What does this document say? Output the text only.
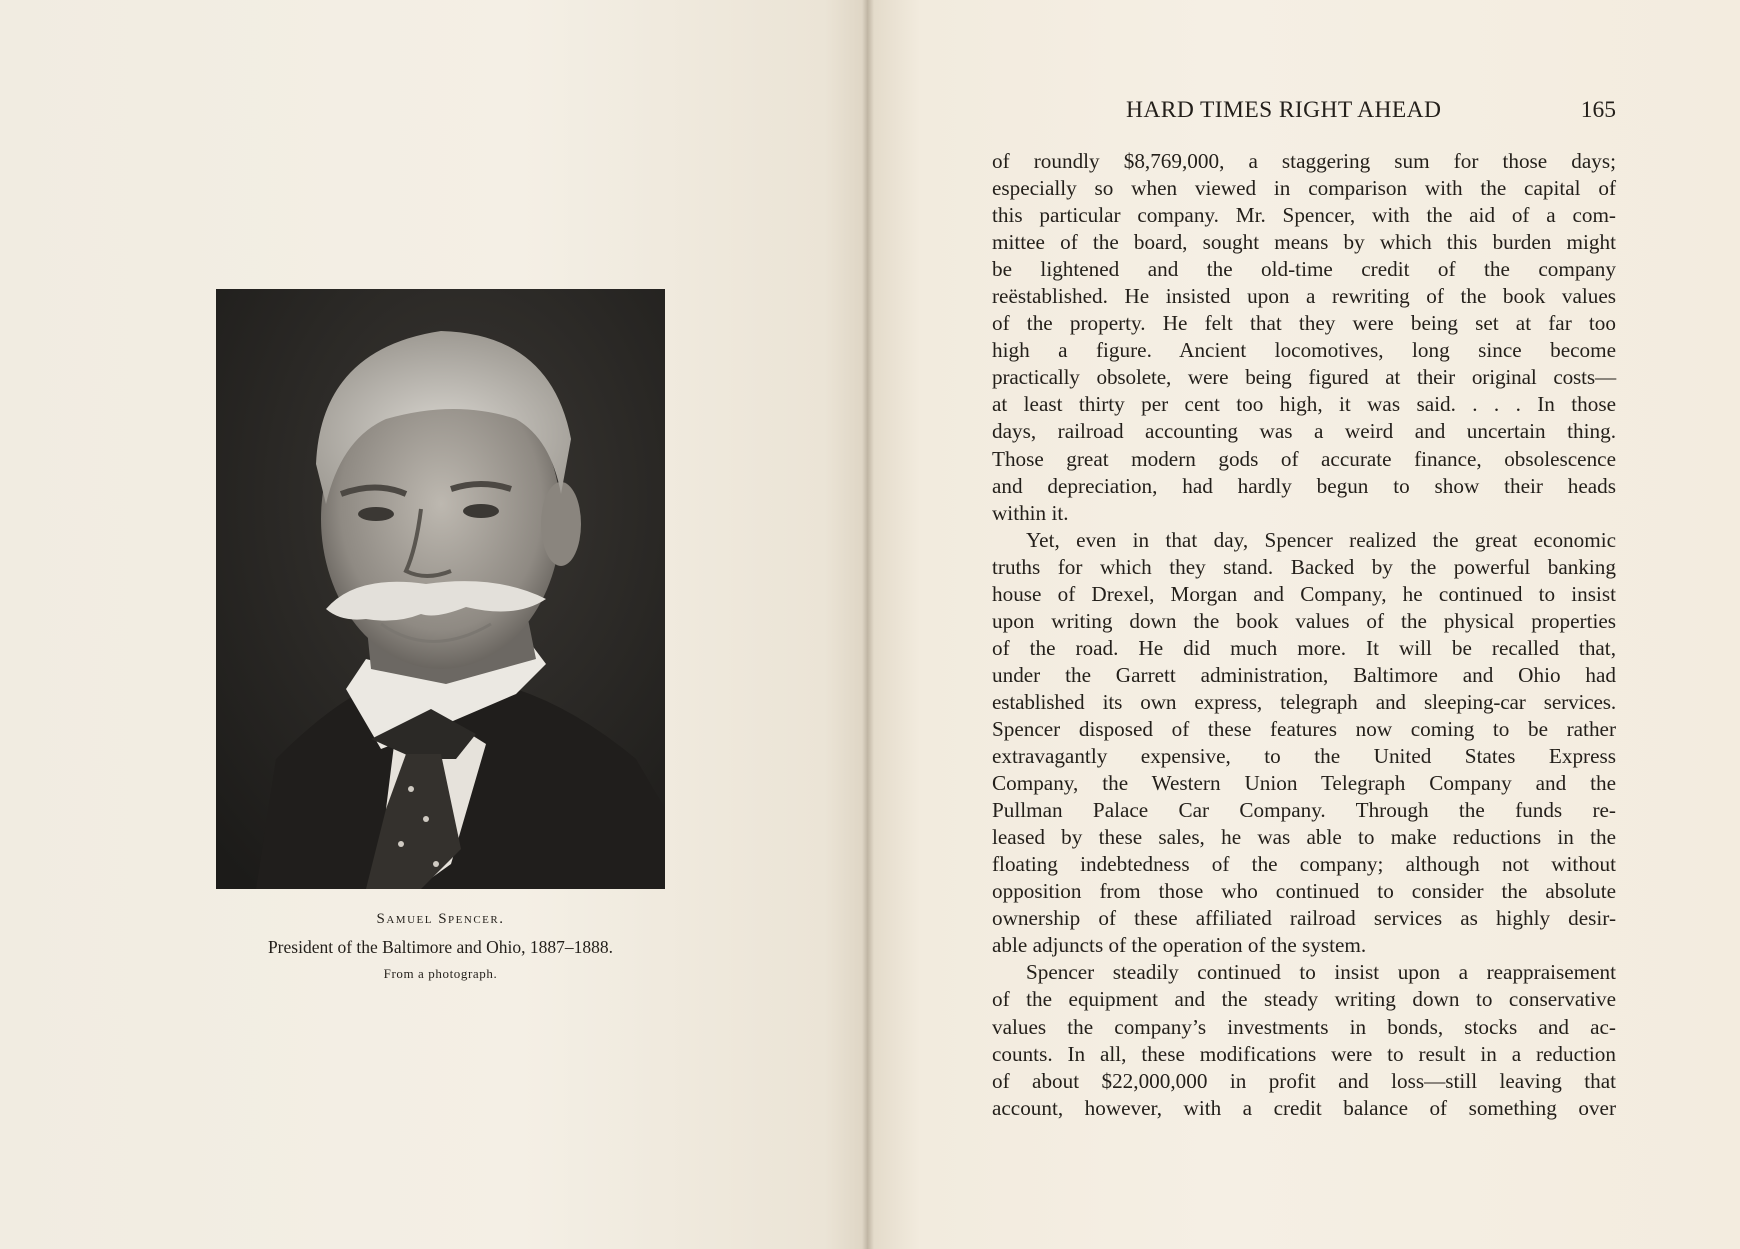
Samuel Spencer.
President of the Baltimore and Ohio, 1887–1888.
From a photograph.
HARD TIMES RIGHT AHEAD	165
of roundly $8,769,000, a staggering sum for those days;
especially so when viewed in comparison with the capital of
this particular company. Mr. Spencer, with the aid of a com-
mittee of the board, sought means by which this burden might
be lightened and the old-time credit of the company
reëstablished. He insisted upon a rewriting of the book values
of the property. He felt that they were being set at far too
high a figure. Ancient locomotives, long since become
practically obsolete, were being figured at their original costs—
at least thirty per cent too high, it was said. . . . In those
days, railroad accounting was a weird and uncertain thing.
Those great modern gods of accurate finance, obsolescence
and depreciation, had hardly begun to show their heads
within it.
Yet, even in that day, Spencer realized the great economic
truths for which they stand. Backed by the powerful banking
house of Drexel, Morgan and Company, he continued to insist
upon writing down the book values of the physical properties
of the road. He did much more. It will be recalled that,
under the Garrett administration, Baltimore and Ohio had
established its own express, telegraph and sleeping-car services.
Spencer disposed of these features now coming to be rather
extravagantly expensive, to the United States Express
Company, the Western Union Telegraph Company and the
Pullman Palace Car Company. Through the funds re-
leased by these sales, he was able to make reductions in the
floating indebtedness of the company; although not without
opposition from those who continued to consider the absolute
ownership of these affiliated railroad services as highly desir-
able adjuncts of the operation of the system.
Spencer steadily continued to insist upon a reappraisement
of the equipment and the steady writing down to conservative
values the company’s investments in bonds, stocks and ac-
counts. In all, these modifications were to result in a reduction
of about $22,000,000 in profit and loss—still leaving that
account, however, with a credit balance of something over
